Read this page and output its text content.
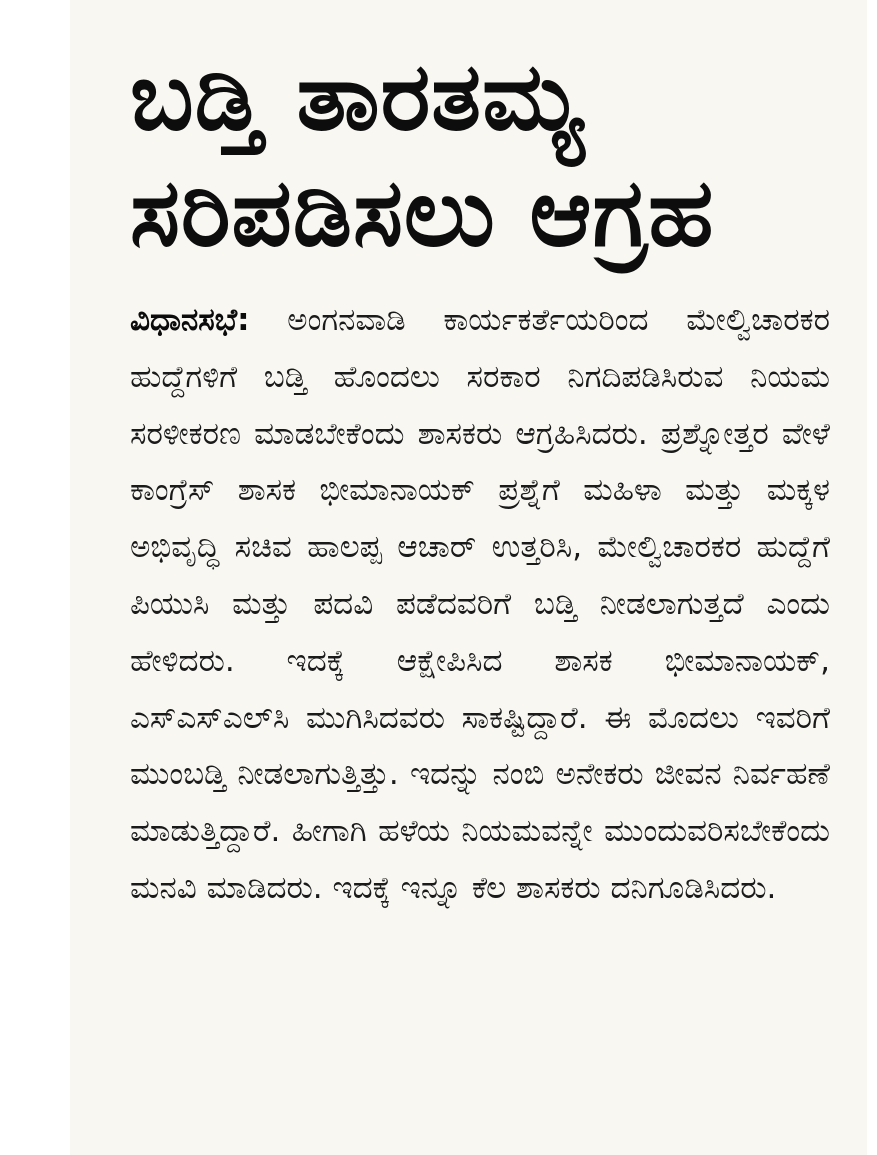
ಬಡ್ತಿ ತಾರತಮ್ಯ
ಸರಿಪಡಿಸಲು ಆಗ್ರಹ

ವಿಧಾನಸಭೆ: ಅಂಗನವಾಡಿ ಕಾರ್ಯಕರ್ತೆಯರಿಂದ ಮೇಲ್ವಿಚಾರಕರ ಹುದ್ದೆಗಳಿಗೆ ಬಡ್ತಿ ಹೊಂದಲು ಸರಕಾರ ನಿಗದಿಪಡಿಸಿರುವ ನಿಯಮ ಸರಳೀಕರಣ ಮಾಡಬೇಕೆಂದು ಶಾಸಕರು ಆಗ್ರಹಿಸಿದರು. ಪ್ರಶ್ನೋತ್ತರ ವೇಳೆ ಕಾಂಗ್ರೆಸ್ ಶಾಸಕ ಭೀಮಾನಾಯಕ್ ಪ್ರಶ್ನೆಗೆ ಮಹಿಳಾ ಮತ್ತು ಮಕ್ಕಳ ಅಭಿವೃದ್ಧಿ ಸಚಿವ ಹಾಲಪ್ಪ ಆಚಾರ್ ಉತ್ತರಿಸಿ, ಮೇಲ್ವಿಚಾರಕರ ಹುದ್ದೆಗೆ ಪಿಯುಸಿ ಮತ್ತು ಪದವಿ ಪಡೆದವರಿಗೆ ಬಡ್ತಿ ನೀಡಲಾಗುತ್ತದೆ ಎಂದು ಹೇಳಿದರು. ಇದಕ್ಕೆ ಆಕ್ಷೇಪಿಸಿದ ಶಾಸಕ ಭೀಮಾನಾಯಕ್, ಎಸ್‌ಎಸ್‌ಎಲ್‌ಸಿ ಮುಗಿಸಿದವರು ಸಾಕಷ್ಟಿದ್ದಾರೆ. ಈ ಮೊದಲು ಇವರಿಗೆ ಮುಂಬಡ್ತಿ ನೀಡಲಾಗುತ್ತಿತ್ತು. ಇದನ್ನು ನಂಬಿ ಅನೇಕರು ಜೀವನ ನಿರ್ವಹಣೆ ಮಾಡುತ್ತಿದ್ದಾರೆ. ಹೀಗಾಗಿ ಹಳೆಯ ನಿಯಮವನ್ನೇ ಮುಂದುವರಿಸಬೇಕೆಂದು ಮನವಿ ಮಾಡಿದರು. ಇದಕ್ಕೆ ಇನ್ನೂ ಕೆಲ ಶಾಸಕರು ದನಿಗೂಡಿಸಿದರು.
